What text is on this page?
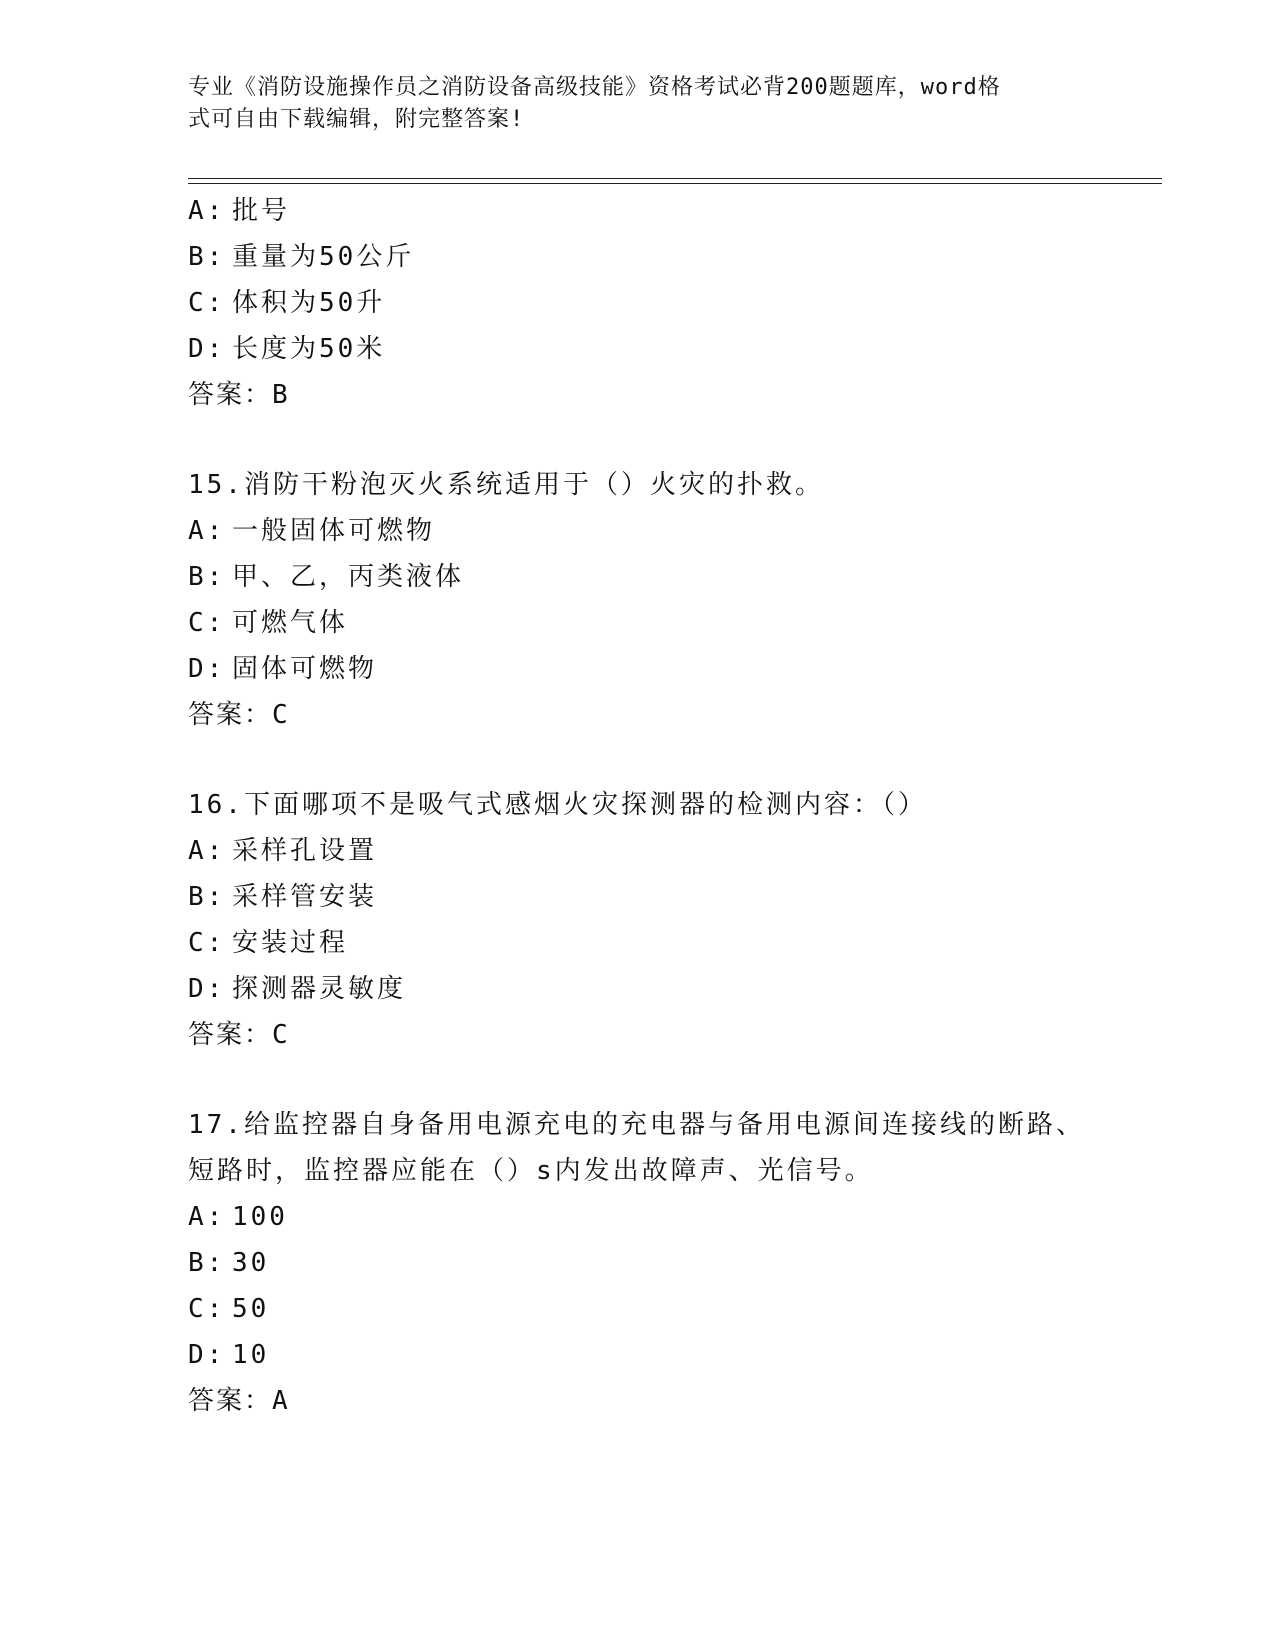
专业《消防设施操作员之消防设备高级技能》资格考试必背200题题库，word格
式可自由下载编辑，附完整答案!
A: 批号
B: 重量为50公斤
C: 体积为50升
D: 长度为50米
答案：B
15.消防干粉泡灭火系统适用于（）火灾的扑救。
A: 一般固体可燃物
B: 甲、乙，丙类液体
C: 可燃气体
D: 固体可燃物
答案：C
16.下面哪项不是吸气式感烟火灾探测器的检测内容：（）
A: 采样孔设置
B: 采样管安装
C: 安装过程
D: 探测器灵敏度
答案：C
17.给监控器自身备用电源充电的充电器与备用电源间连接线的断路、
短路时，监控器应能在（）s内发出故障声、光信号。
A: 100
B: 30
C: 50
D: 10
答案：A
